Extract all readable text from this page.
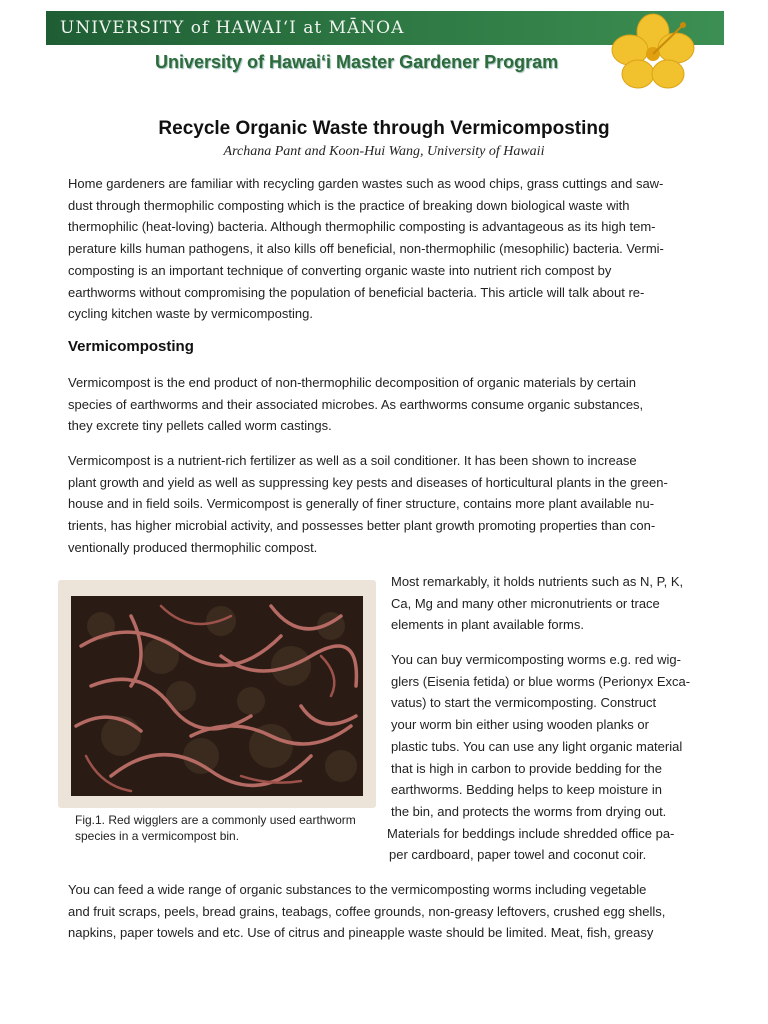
UNIVERSITY of HAWAI‘I at MĀNOA
University of Hawai‘i Master Gardener Program
Recycle Organic Waste through Vermicomposting
Archana Pant and Koon-Hui Wang, University of Hawaii
Home gardeners are familiar with recycling garden wastes such as wood chips, grass cuttings and saw-
dust through thermophilic composting which is the practice of breaking down biological waste with
thermophilic (heat-loving) bacteria. Although thermophilic composting is advantageous as its high tem-
perature kills human pathogens, it also kills off beneficial, non-thermophilic (mesophilic) bacteria. Vermi-
composting is an important technique of converting organic waste into nutrient rich compost by
earthworms without compromising the population of beneficial bacteria. This article will talk about re-
cycling kitchen waste by vermicomposting.
Vermicomposting
Vermicompost is the end product of non-thermophilic decomposition of organic materials by certain
species of earthworms and their associated microbes. As earthworms consume organic substances,
they excrete tiny pellets called worm castings.
Vermicompost is a nutrient-rich fertilizer as well as a soil conditioner. It has been shown to increase
plant growth and yield as well as suppressing key pests and diseases of horticultural plants in the green-
house and in field soils. Vermicompost is generally of finer structure, contains more plant available nu-
trients, has higher microbial activity, and possesses better plant growth promoting properties than con-
ventionally produced thermophilic compost.
Fig.1. Red wigglers are a commonly used earthworm
species in a vermicompost bin.
Most remarkably, it holds nutrients such as N, P, K,
Ca, Mg and many other micronutrients or trace
elements in plant available forms.
You can buy vermicomposting worms e.g. red wig-
glers (Eisenia fetida) or blue worms (Perionyx Exca-
vatus) to start the vermicomposting. Construct
your worm bin either using wooden planks or
plastic tubs. You can use any light organic material
that is high in carbon to provide bedding for the
earthworms. Bedding helps to keep moisture in
the bin, and protects the worms from drying out.
Materials for beddings include shredded office pa-
per cardboard, paper towel and coconut coir.
You can feed a wide range of organic substances to the vermicomposting worms including vegetable
and fruit scraps, peels, bread grains, teabags, coffee grounds, non-greasy leftovers, crushed egg shells,
napkins, paper towels and etc. Use of citrus and pineapple waste should be limited. Meat, fish, greasy
